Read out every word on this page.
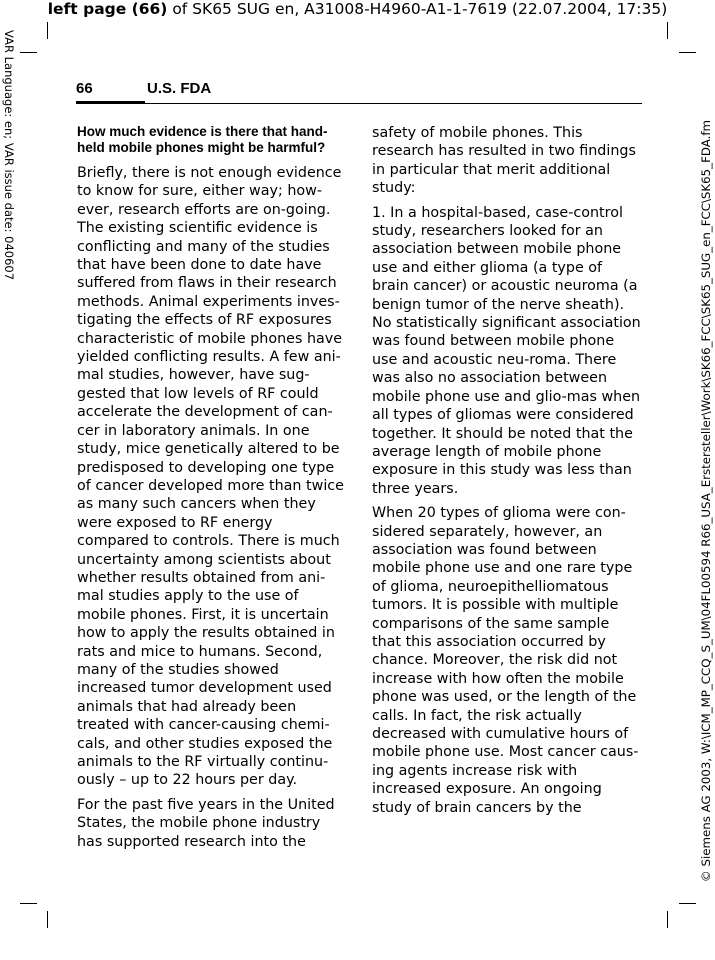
left page (66) of SK65 SUG en, A31008-H4960-A1-1-7619 (22.07.2004, 17:35)
VAR Language: en; VAR issue date: 040607	© Siemens AG 2003, W:\ICM_MP_CCQ_S_UM\04FL00594 R66_USA_Erstersteller\Work\SK66_FCC\SK65_SUG_en_FCC\SK65_FDA.fm
66	U.S. FDA
How much evidence is there that hand-held mobile phones might be harmful?

Briefly, there is not enough evidence to know for sure, either way; how-ever, research efforts are on-going. The existing scientific evidence is conflicting and many of the studies that have been done to date have suffered from flaws in their research methods. Animal experiments inves-tigating the effects of RF exposures characteristic of mobile phones have yielded conflicting results. A few ani-mal studies, however, have sug-gested that low levels of RF could accelerate the development of can-cer in laboratory animals. In one study, mice genetically altered to be predisposed to developing one type of cancer developed more than twice as many such cancers when they were exposed to RF energy compared to controls. There is much uncertainty among scientists about whether results obtained from ani-mal studies apply to the use of mobile phones. First, it is uncertain how to apply the results obtained in rats and mice to humans. Second, many of the studies showed increased tumor development used animals that had already been treated with cancer-causing chemi-cals, and other studies exposed the animals to the RF virtually continu-ously – up to 22 hours per day.

For the past five years in the United States, the mobile phone industry has supported research into the

safety of mobile phones. This research has resulted in two findings in particular that merit additional study:

1. In a hospital-based, case-control study, researchers looked for an association between mobile phone use and either glioma (a type of brain cancer) or acoustic neuroma (a benign tumor of the nerve sheath). No statistically significant association was found between mobile phone use and acoustic neu-roma. There was also no association between mobile phone use and glio-mas when all types of gliomas were considered together. It should be noted that the average length of mobile phone exposure in this study was less than three years.

When 20 types of glioma were con-sidered separately, however, an association was found between mobile phone use and one rare type of glioma, neuroepithelliomatous tumors. It is possible with multiple comparisons of the same sample that this association occurred by chance. Moreover, the risk did not increase with how often the mobile phone was used, or the length of the calls. In fact, the risk actually decreased with cumulative hours of mobile phone use. Most cancer caus-ing agents increase risk with increased exposure. An ongoing study of brain cancers by the
